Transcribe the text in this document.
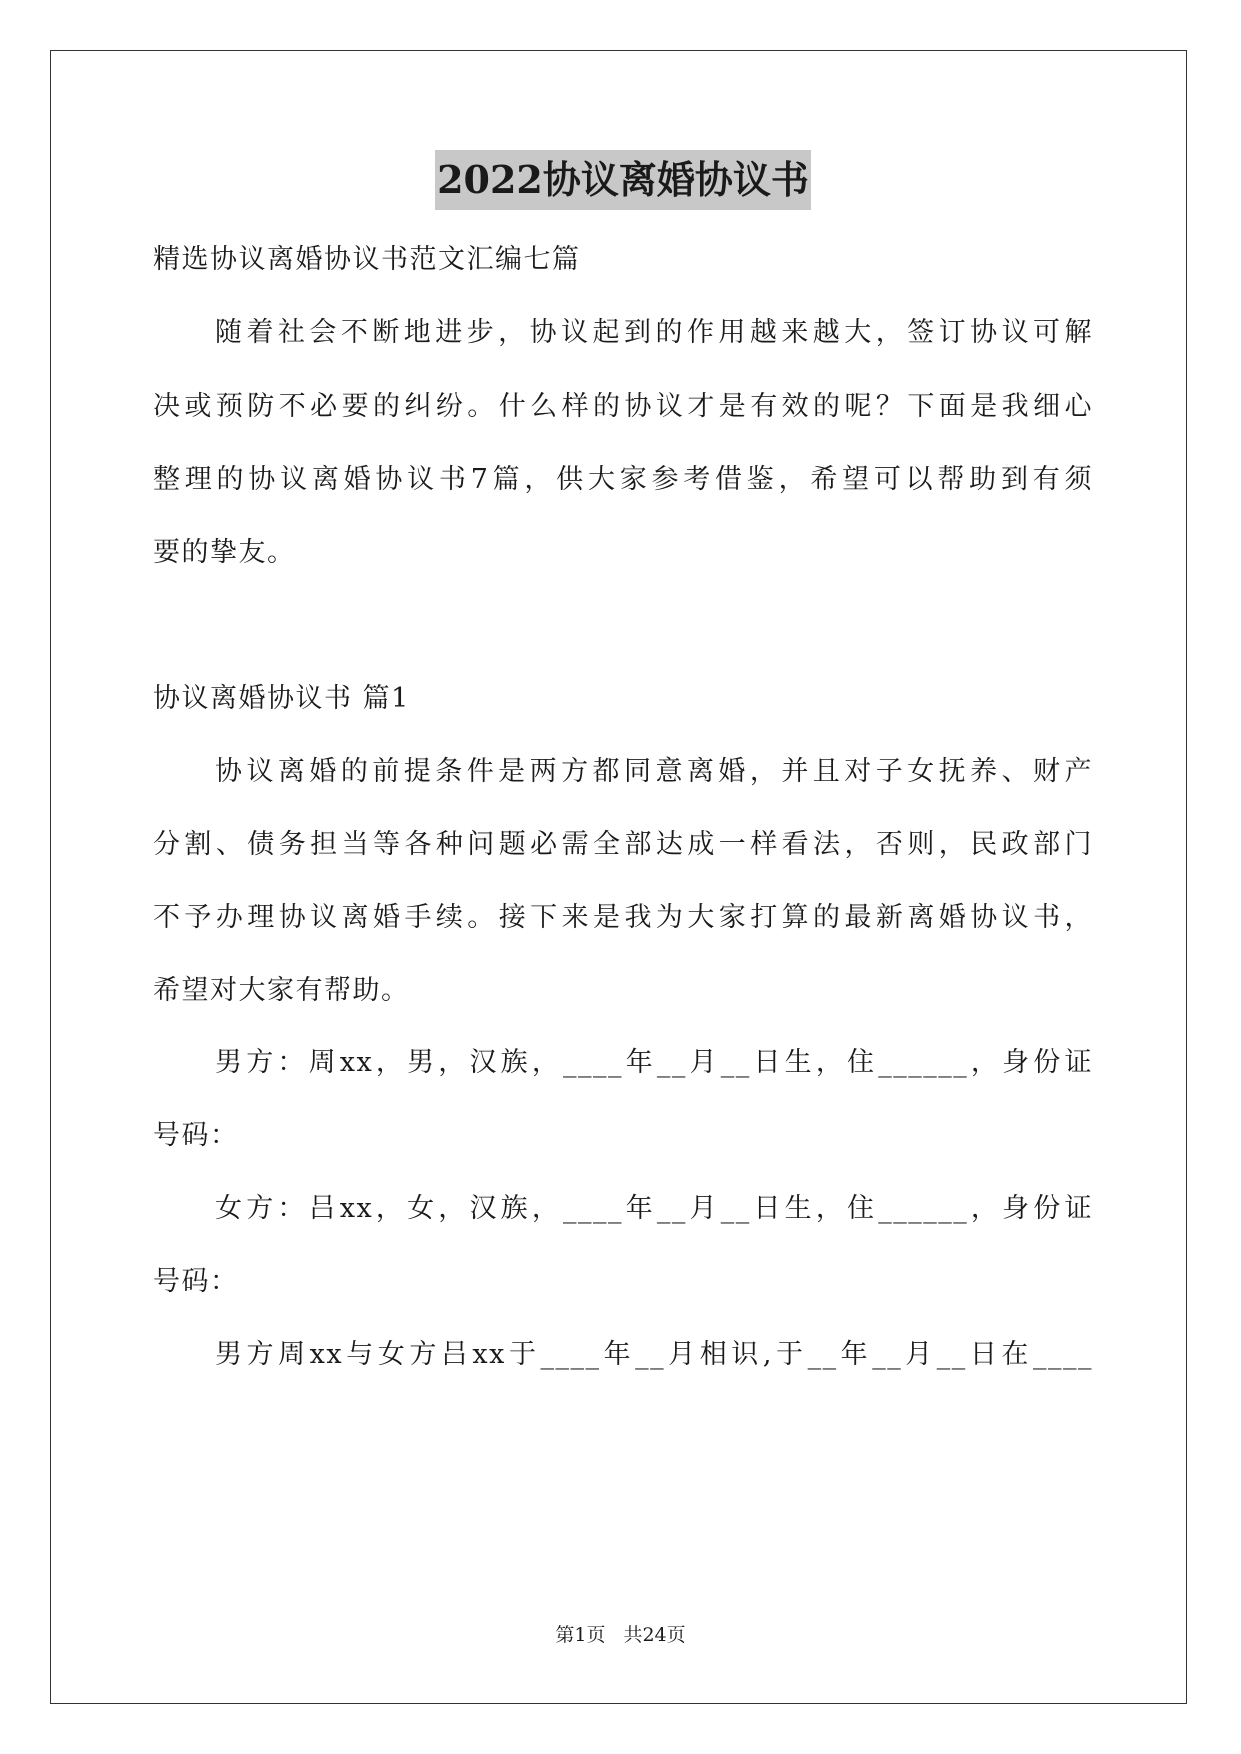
2022协议离婚协议书
精选协议离婚协议书范文汇编七篇
随着社会不断地进步，协议起到的作用越来越大，签订协议可解
决或预防不必要的纠纷。什么样的协议才是有效的呢？下面是我细心
整理的协议离婚协议书7篇，供大家参考借鉴，希望可以帮助到有须
要的挚友。
协议离婚协议书 篇1
协议离婚的前提条件是两方都同意离婚，并且对子女抚养、财产
分割、债务担当等各种问题必需全部达成一样看法，否则，民政部门
不予办理协议离婚手续。接下来是我为大家打算的最新离婚协议书，
希望对大家有帮助。
男方：周xx，男，汉族，____年__月__日生，住______，身份证
号码：
女方：吕xx，女，汉族，____年__月__日生，住______，身份证
号码：
男方周xx与女方吕xx于____年__月相识,于__年__月__日在____
第1页 共24页
